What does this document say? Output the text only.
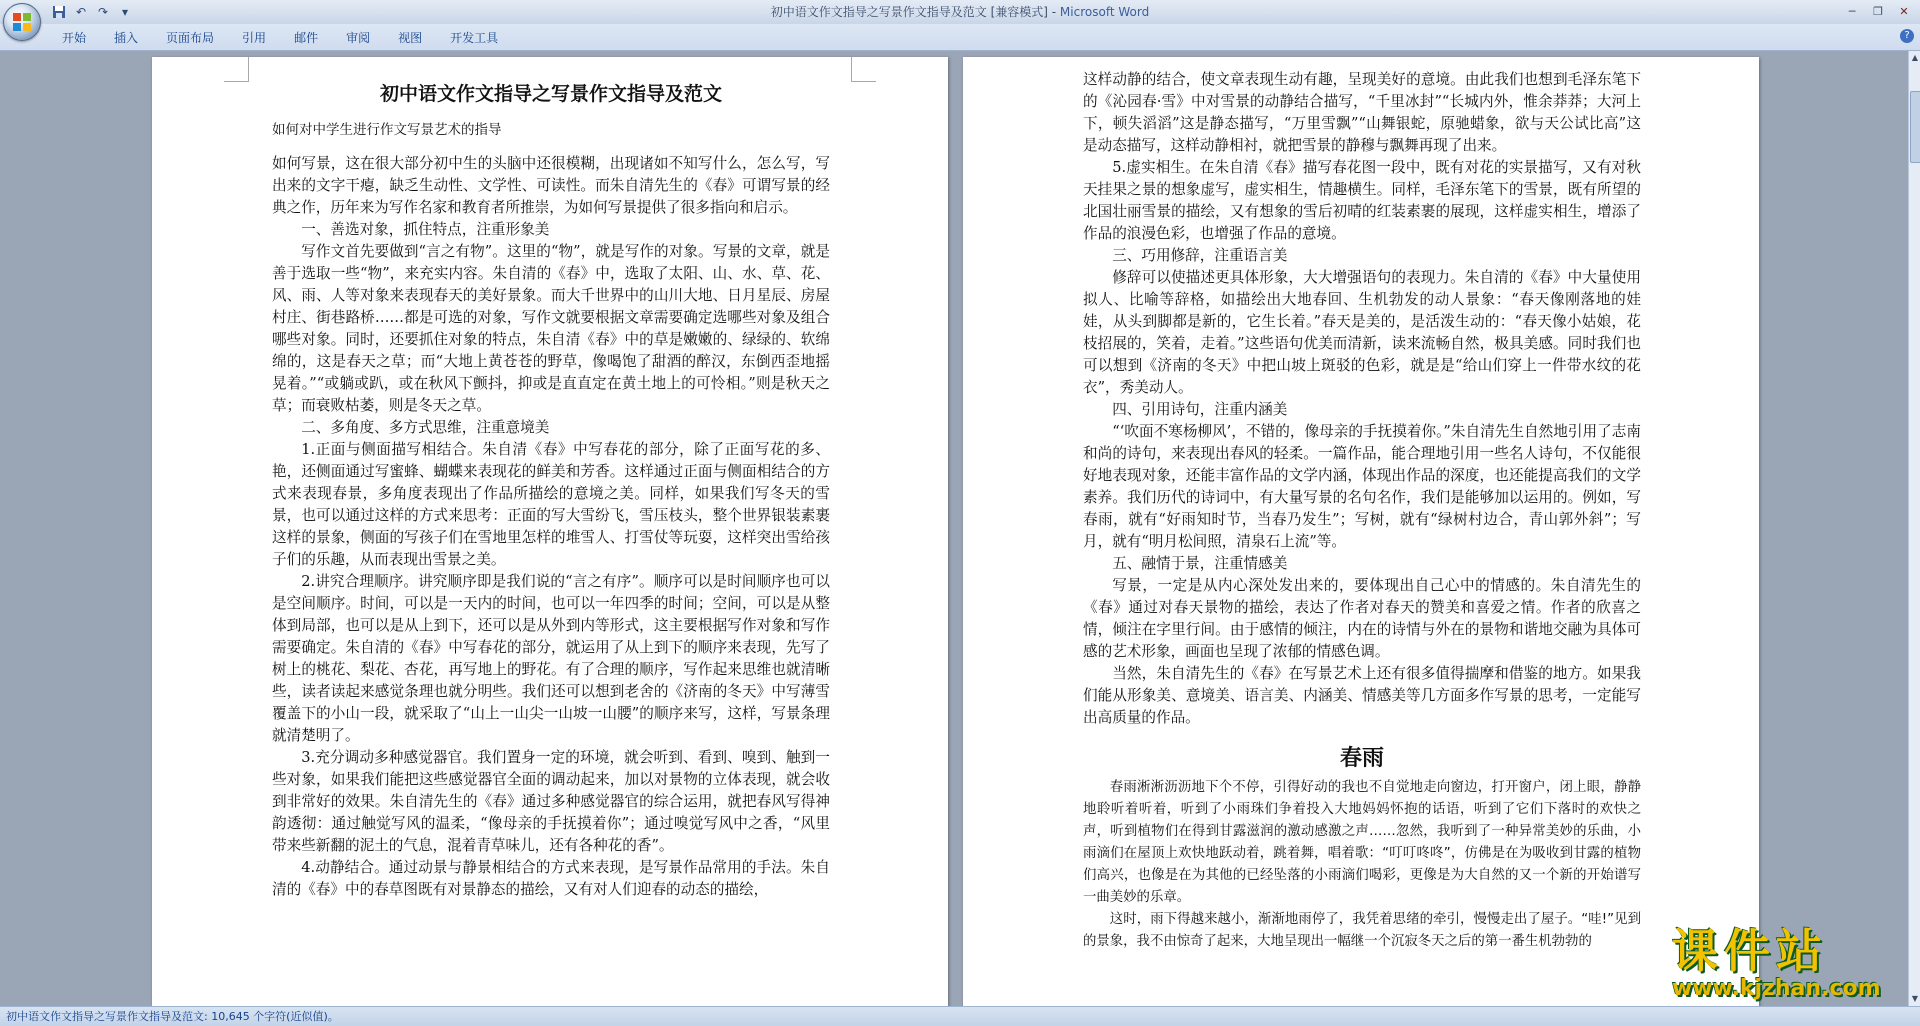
初中语文作文指导之写景作文指导及范文 [兼容模式] - Microsoft Word
↶ ↷	▾	─	❐	✕
开始	插入	页面布局	引用	邮件	审阅	视图	开发工具	?
初中语文作文指导之写景作文指导及范文

如何对中学生进行作文写景艺术的指导

如何写景，这在很大部分初中生的头脑中还很模糊，出现诸如不知写什么，怎么写，写出来的文字干瘪，缺乏生动性、文学性、可读性。而朱自清先生的《春》可谓写景的经典之作，历年来为写作名家和教育者所推崇，为如何写景提供了很多指向和启示。

一、善选对象，抓住特点，注重形象美

写作文首先要做到“言之有物”。这里的“物”，就是写作的对象。写景的文章，就是善于选取一些“物”，来充实内容。朱自清的《春》中，选取了太阳、山、水、草、花、风、雨、人等对象来表现春天的美好景象。而大千世界中的山川大地、日月星辰、房屋村庄、街巷路桥……都是可选的对象，写作文就要根据文章需要确定选哪些对象及组合哪些对象。同时，还要抓住对象的特点，朱自清《春》中的草是嫩嫩的、绿绿的、软绵绵的，这是春天之草；而“大地上黄苍苍的野草，像喝饱了甜酒的醉汉，东倒西歪地摇晃着。”“或躺或趴，或在秋风下颤抖，抑或是直直定在黄土地上的可怜相。”则是秋天之草；而衰败枯萎，则是冬天之草。

二、多角度、多方式思维，注重意境美

1.正面与侧面描写相结合。朱自清《春》中写春花的部分，除了正面写花的多、艳，还侧面通过写蜜蜂、蝴蝶来表现花的鲜美和芳香。这样通过正面与侧面相结合的方式来表现春景，多角度表现出了作品所描绘的意境之美。同样，如果我们写冬天的雪景，也可以通过这样的方式来思考：正面的写大雪纷飞，雪压枝头，整个世界银装素裹这样的景象，侧面的写孩子们在雪地里怎样的堆雪人、打雪仗等玩耍，这样突出雪给孩子们的乐趣，从而表现出雪景之美。

2.讲究合理顺序。讲究顺序即是我们说的“言之有序”。顺序可以是时间顺序也可以是空间顺序。时间，可以是一天内的时间，也可以一年四季的时间；空间，可以是从整体到局部，也可以是从上到下，还可以是从外到内等形式，这主要根据写作对象和写作需要确定。朱自清的《春》中写春花的部分，就运用了从上到下的顺序来表现，先写了树上的桃花、梨花、杏花，再写地上的野花。有了合理的顺序，写作起来思维也就清晰些，读者读起来感觉条理也就分明些。我们还可以想到老舍的《济南的冬天》中写薄雪覆盖下的小山一段，就采取了“山上一山尖一山坡一山腰”的顺序来写，这样，写景条理就清楚明了。

3.充分调动多种感觉器官。我们置身一定的环境，就会听到、看到、嗅到、触到一些对象，如果我们能把这些感觉器官全面的调动起来，加以对景物的立体表现，就会收到非常好的效果。朱自清先生的《春》通过多种感觉器官的综合运用，就把春风写得神韵透彻：通过触觉写风的温柔，“像母亲的手抚摸着你”；通过嗅觉写风中之香，“风里带来些新翻的泥土的气息，混着青草味儿，还有各种花的香”。

4.动静结合。通过动景与静景相结合的方式来表现，是写景作品常用的手法。朱自清的《春》中的春草图既有对景静态的描绘，又有对人们迎春的动态的描绘，

这样动静的结合，使文章表现生动有趣，呈现美好的意境。由此我们也想到毛泽东笔下的《沁园春·雪》中对雪景的动静结合描写，“千里冰封”“长城内外，惟余莽莽；大河上下，顿失滔滔”这是静态描写，“万里雪飘”“山舞银蛇，原驰蜡象，欲与天公试比高”这是动态描写，这样动静相衬，就把雪景的静穆与飘舞再现了出来。

5.虚实相生。在朱自清《春》描写春花图一段中，既有对花的实景描写，又有对秋天挂果之景的想象虚写，虚实相生，情趣横生。同样，毛泽东笔下的雪景，既有所望的北国壮丽雪景的描绘，又有想象的雪后初晴的红装素裹的展现，这样虚实相生，增添了作品的浪漫色彩，也增强了作品的意境。

三、巧用修辞，注重语言美

修辞可以使描述更具体形象，大大增强语句的表现力。朱自清的《春》中大量使用拟人、比喻等辞格，如描绘出大地春回、生机勃发的动人景象：“春天像刚落地的娃娃，从头到脚都是新的，它生长着。”春天是美的，是活泼生动的：“春天像小姑娘，花枝招展的，笑着，走着。”这些语句优美而清新，读来流畅自然，极具美感。同时我们也可以想到《济南的冬天》中把山坡上斑驳的色彩，就是是“给山们穿上一件带水纹的花衣”，秀美动人。

四、引用诗句，注重内涵美

“‘吹面不寒杨柳风’，不错的，像母亲的手抚摸着你。”朱自清先生自然地引用了志南和尚的诗句，来表现出春风的轻柔。一篇作品，能合理地引用一些名人诗句，不仅能很好地表现对象，还能丰富作品的文学内涵，体现出作品的深度，也还能提高我们的文学素养。我们历代的诗词中，有大量写景的名句名作，我们是能够加以运用的。例如，写春雨，就有“好雨知时节，当春乃发生”；写树，就有“绿树村边合，青山郭外斜”；写月，就有“明月松间照，清泉石上流”等。

五、融情于景，注重情感美

写景，一定是从内心深处发出来的，要体现出自己心中的情感的。朱自清先生的《春》通过对春天景物的描绘，表达了作者对春天的赞美和喜爱之情。作者的欣喜之情，倾注在字里行间。由于感情的倾注，内在的诗情与外在的景物和谐地交融为具体可感的艺术形象，画面也呈现了浓郁的情感色调。

当然，朱自清先生的《春》在写景艺术上还有很多值得揣摩和借鉴的地方。如果我们能从形象美、意境美、语言美、内涵美、情感美等几方面多作写景的思考，一定能写出高质量的作品。

春雨

春雨淅淅沥沥地下个不停，引得好动的我也不自觉地走向窗边，打开窗户，闭上眼，静静地聆听着听着，听到了小雨珠们争着投入大地妈妈怀抱的话语，听到了它们下落时的欢快之声，听到植物们在得到甘露滋润的激动感激之声……忽然，我听到了一种异常美妙的乐曲，小雨滴们在屋顶上欢快地跃动着，跳着舞，唱着歌：“叮叮咚咚”，仿佛是在为吸收到甘露的植物们高兴，也像是在为其他的已经坠落的小雨滴们喝彩，更像是为大自然的又一个新的开始谱写一曲美妙的乐章。

这时，雨下得越来越小，渐渐地雨停了，我凭着思绪的牵引，慢慢走出了屋子。“哇!”见到的景象，我不由惊奇了起来，大地呈现出一幅继一个沉寂冬天之后的第一番生机勃勃的

▲
▼
初中语文作文指导之写景作文指导及范文: 10,645 个字符(近似值)。
课件站
www.kjzhan.com
